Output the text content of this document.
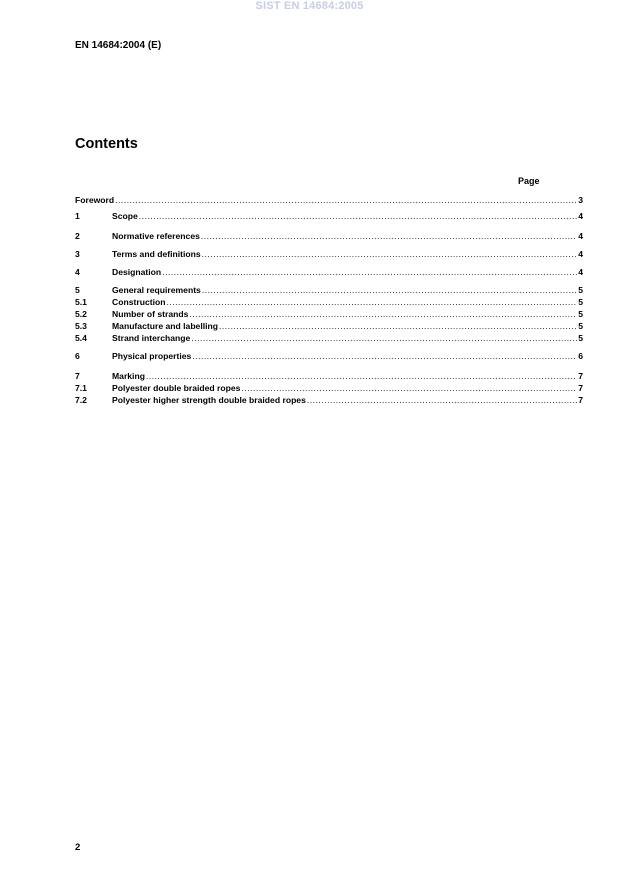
SIST EN 14684:2005
EN 14684:2004 (E)
Contents
Page
Foreword .....	3
1	Scope .....	4
2	Normative references .....	4
3	Terms and definitions .....	4
4	Designation .....	4
5	General requirements .....	5
5.1	Construction .....	5
5.2	Number of strands .....	5
5.3	Manufacture and labelling .....	5
5.4	Strand interchange .....	5
6	Physical properties .....	6
7	Marking .....	7
7.1	Polyester double braided ropes .....	7
7.2	Polyester higher strength double braided ropes .....	7
2
